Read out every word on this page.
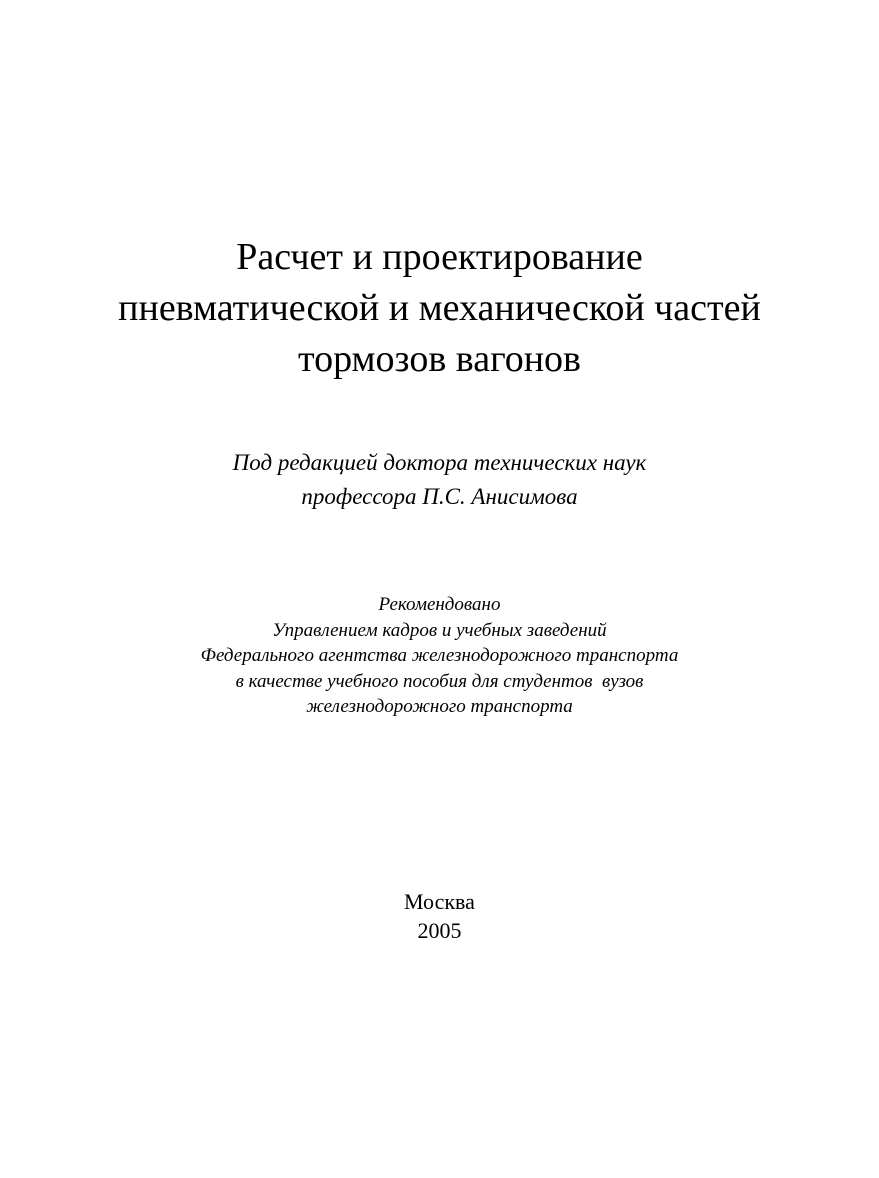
Расчет и проектирование
пневматической и механической частей
тормозов вагонов
Под редакцией доктора технических наук
профессора П.С. Анисимова
Рекомендовано
Управлением кадров и учебных заведений
Федерального агентства железнодорожного транспорта
в качестве учебного пособия для студентов  вузов
железнодорожного транспорта
Москва
2005
